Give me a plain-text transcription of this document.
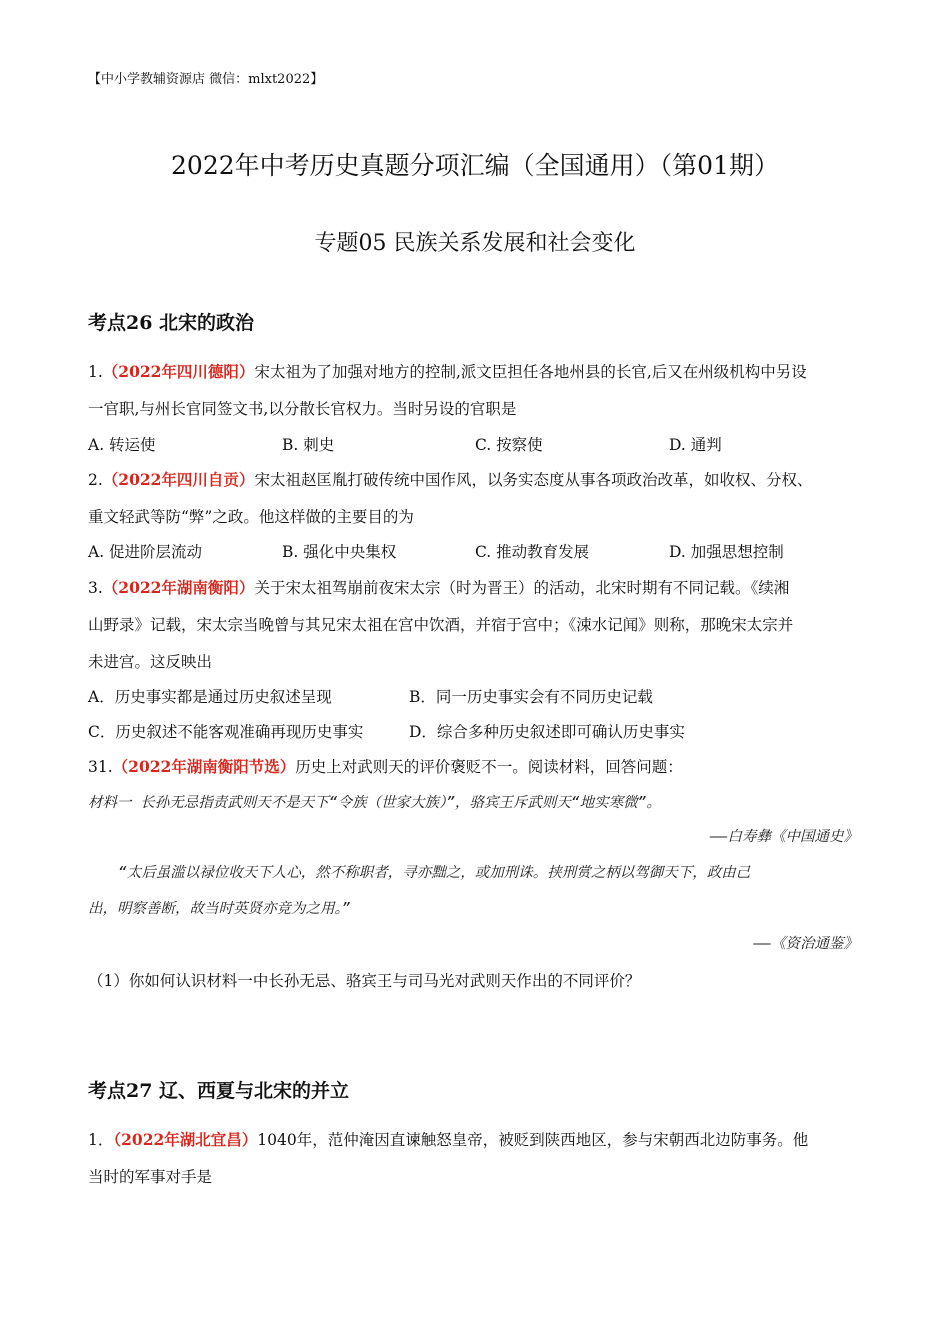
【中小学教辅资源店 微信：mlxt2022】
2022年中考历史真题分项汇编（全国通用）（第01期）
专题05 民族关系发展和社会变化
考点26 北宋的政治
1.（2022年四川德阳）宋太祖为了加强对地方的控制,派文臣担任各地州县的长官,后又在州级机构中另设
一官职,与州长官同签文书,以分散长官权力。当时另设的官职是
A. 转运使	B. 刺史	C. 按察使	D. 通判
2.（2022年四川自贡）宋太祖赵匡胤打破传统中国作风，以务实态度从事各项政治改革，如收权、分权、
重文轻武等防“弊”之政。他这样做的主要目的为
A. 促进阶层流动	B. 强化中央集权	C. 推动教育发展	D. 加强思想控制
3.（2022年湖南衡阳）关于宋太祖驾崩前夜宋太宗（时为晋王）的活动，北宋时期有不同记载。《续湘
山野录》记载，宋太宗当晚曾与其兄宋太祖在宫中饮酒，并宿于宫中；《涑水记闻》则称，那晚宋太宗并
未进宫。这反映出
A．历史事实都是通过历史叙述呈现	B．同一历史事实会有不同历史记载
C．历史叙述不能客观准确再现历史事实	D．综合多种历史叙述即可确认历史事实
31.（2022年湖南衡阳节选）历史上对武则天的评价褒贬不一。阅读材料，回答问题：
材料一 长孙无忌指责武则天不是天下“令族（世家大族）”，骆宾王斥武则天“地实寒微”。
——白寿彝《中国通史》
“太后虽滥以禄位收天下人心，然不称职者，寻亦黜之，或加刑诛。挟刑赏之柄以驾御天下，政由己
出，明察善断，故当时英贤亦竞为之用。”
——《资治通鉴》
（1）你如何认识材料一中长孙无忌、骆宾王与司马光对武则天作出的不同评价？
考点27 辽、西夏与北宋的并立
1．（2022年湖北宜昌）1040年，范仲淹因直谏触怒皇帝，被贬到陕西地区，参与宋朝西北边防事务。他
当时的军事对手是
